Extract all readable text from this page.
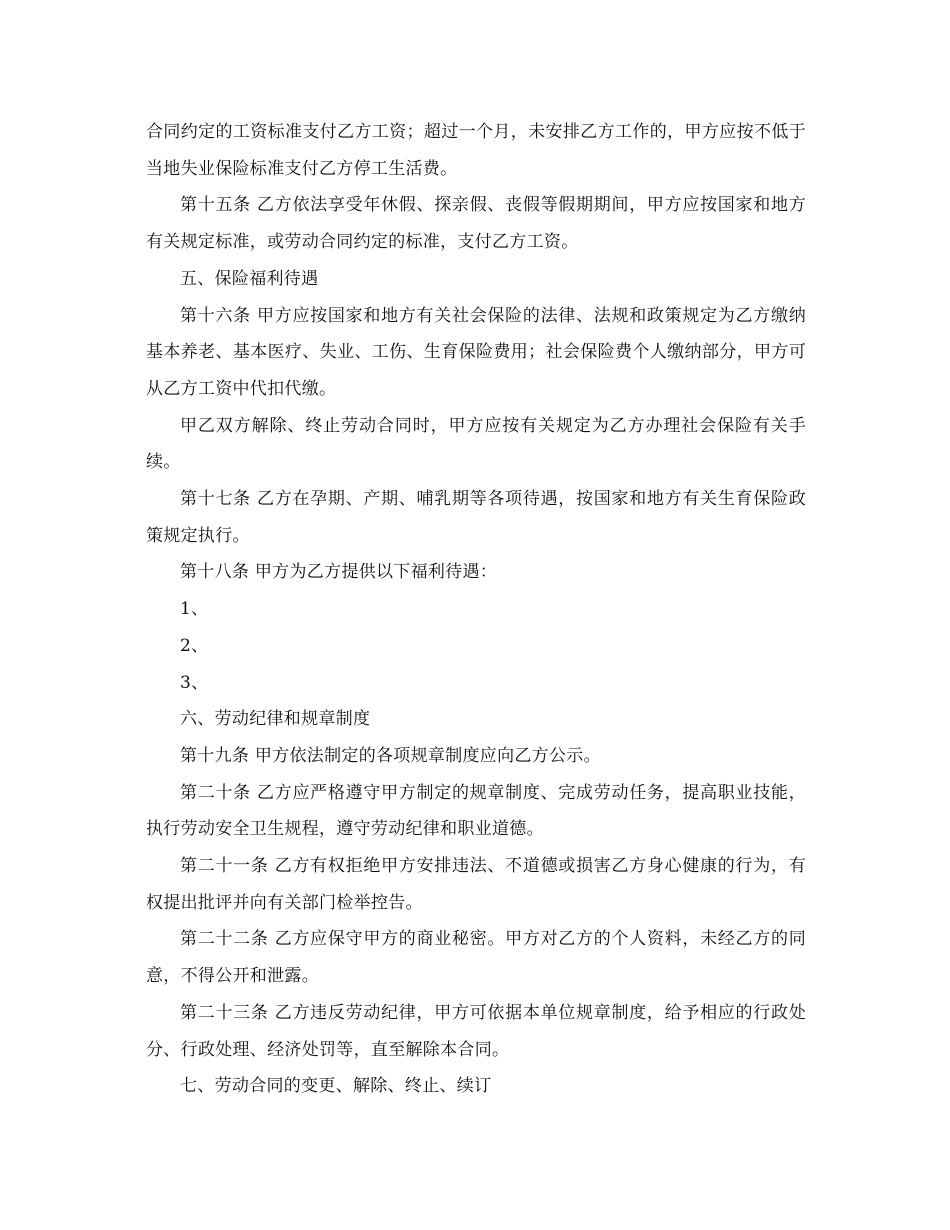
合同约定的工资标准支付乙方工资；超过一个月，未安排乙方工作的，甲方应按不低于当地失业保险标准支付乙方停工生活费。

第十五条 乙方依法享受年休假、探亲假、丧假等假期期间，甲方应按国家和地方有关规定标准，或劳动合同约定的标准，支付乙方工资。

五、保险福利待遇

第十六条 甲方应按国家和地方有关社会保险的法律、法规和政策规定为乙方缴纳基本养老、基本医疗、失业、工伤、生育保险费用；社会保险费个人缴纳部分，甲方可从乙方工资中代扣代缴。

甲乙双方解除、终止劳动合同时，甲方应按有关规定为乙方办理社会保险有关手续。

第十七条 乙方在孕期、产期、哺乳期等各项待遇，按国家和地方有关生育保险政策规定执行。

第十八条 甲方为乙方提供以下福利待遇：

1、

2、

3、

六、劳动纪律和规章制度

第十九条 甲方依法制定的各项规章制度应向乙方公示。

第二十条 乙方应严格遵守甲方制定的规章制度、完成劳动任务，提高职业技能，执行劳动安全卫生规程，遵守劳动纪律和职业道德。

第二十一条 乙方有权拒绝甲方安排违法、不道德或损害乙方身心健康的行为，有权提出批评并向有关部门检举控告。

第二十二条 乙方应保守甲方的商业秘密。甲方对乙方的个人资料，未经乙方的同意，不得公开和泄露。

第二十三条 乙方违反劳动纪律，甲方可依据本单位规章制度，给予相应的行政处分、行政处理、经济处罚等，直至解除本合同。

七、劳动合同的变更、解除、终止、续订
